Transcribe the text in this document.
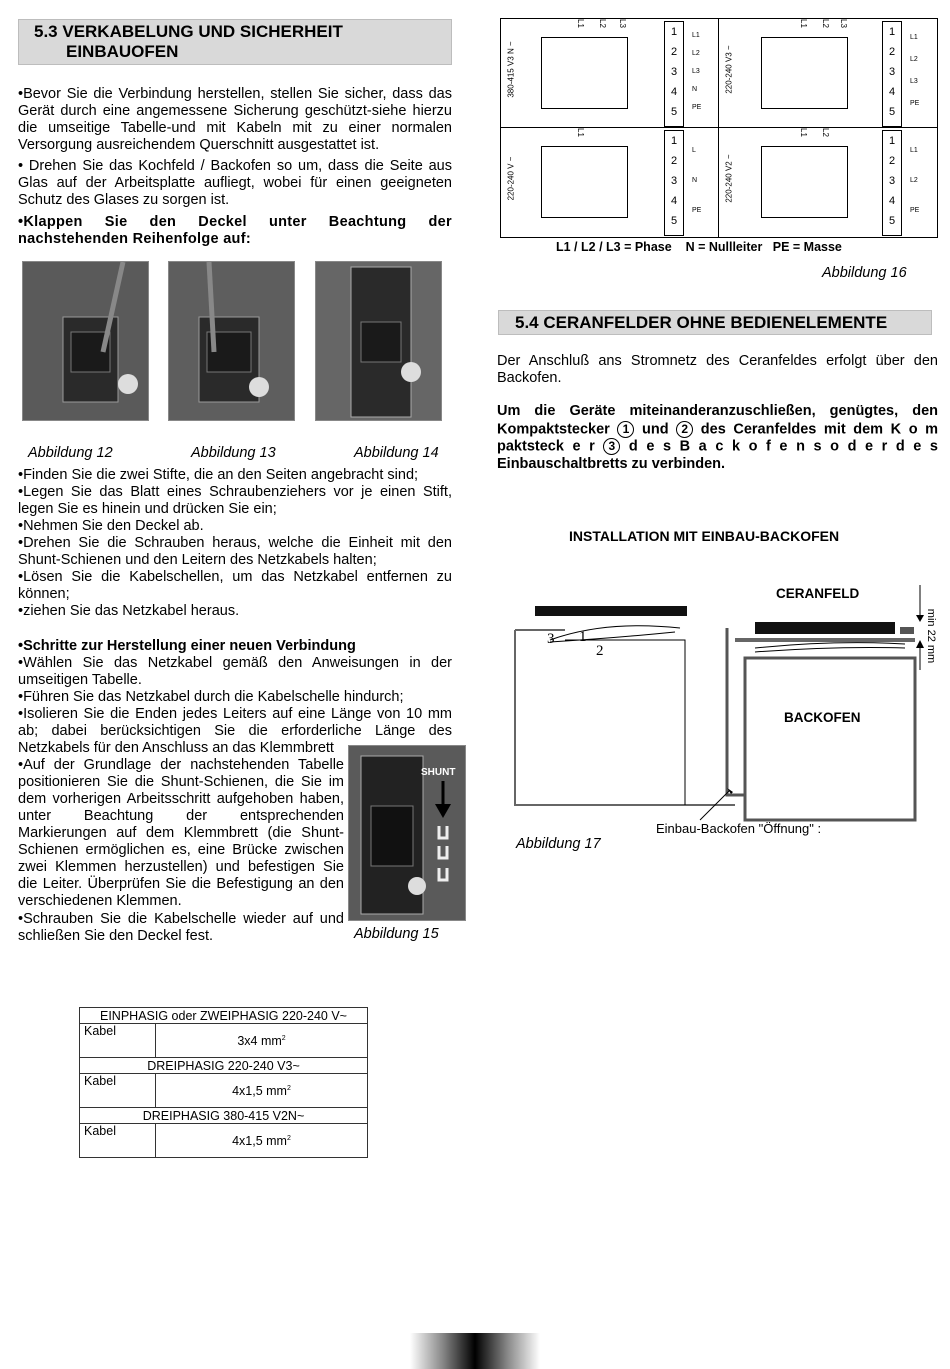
5.3 VERKABELUNG UND SICHERHEIT
EINBAUOFEN

•Bevor Sie die Verbindung herstellen, stellen Sie sicher, dass das Gerät durch eine angemessene Sicherung geschützt-siehe hierzu die umseitige Tabelle-und mit Kabeln mit zu einer normalen Versorgung ausreichendem Querschnitt ausgestattet ist.

• Drehen Sie das Kochfeld / Backofen so um, dass die Seite aus Glas auf der Arbeitsplatte aufliegt, wobei für einen geeigneten Schutz des Glases zu sorgen ist.

•Klappen Sie den Deckel unter Beachtung der nachstehenden Reihenfolge auf:

Abbildung 12	Abbildung 13	Abbildung 14

•Finden Sie die zwei Stifte, die an den Seiten angebracht sind;

•Legen Sie das Blatt eines Schraubenziehers vor je einen Stift, legen Sie es hinein und drücken Sie ein;

•Nehmen Sie den Deckel ab.

•Drehen Sie die Schrauben heraus, welche die Einheit mit den Shunt-Schienen und den Leitern des Netzkabels halten;

•Lösen Sie die Kabelschellen, um das Netzkabel entfernen zu können;

•ziehen Sie das Netzkabel heraus.

•Schritte zur Herstellung einer neuen Verbindung

•Wählen Sie das Netzkabel gemäß den Anweisungen in der umseitigen Tabelle.

•Führen Sie das Netzkabel durch die Kabelschelle hindurch;

•Isolieren Sie die Enden jedes Leiters auf eine Länge von 10 mm ab; dabei berücksichtigen Sie die erforderliche Länge des Netzkabels für den Anschluss an das Klemmbrett

•Auf der Grundlage der nachstehenden Tabelle positionieren Sie die Shunt-Schienen, die Sie im dem vorherigen Arbeitsschritt aufgehoben haben, unter Beachtung der entsprechenden Markierungen auf dem Klemmbrett (die Shunt-Schienen ermöglichen es, eine Brücke zwischen zwei Klemmen herzustellen) und befestigen Sie die Leiter. Überprüfen Sie die Befestigung an den verschiedenen Klemmen.

•Schrauben Sie die Kabelschelle wieder auf und schließen Sie den Deckel fest.

SHUNT
Abbildung 15
EINPHASIG oder ZWEIPHASIG 220-240 V~	
Kabel	3x4 $mm^2$
DREIPHASIG 220-240 V3~	
Kabel	4x1,5 $mm^2$
DREIPHASIG 380-415 V2N~	
Kabel	4x1,5 $mm^2$
380-415 V3 N ~
L1 L2 L3
1
2
3
4
5
L1
L2
L3
N
PE
220-240 V3 ~
L1 L2 L3
1
2
3
4
5
L1
L2
L3
PE
220-240 V ~
L1
1
2
3
4
5
L
N
PE
220-240 V2 ~
L1 L2
1
2
3
4
5
L1
L2
PE
L1 / L2 / L3 = Phase    N = Nullleiter   PE = Masse
Abbildung 16
5.4 CERANFELDER OHNE BEDIENELEMENTE

Der Anschluß ans Stromnetz des Ceranfeldes erfolgt über den Backofen.

Um die Geräte miteinanderanzuschließen, genügtes, den Kompaktstecker 1 und 2 des Ceranfeldes mit dem K o m paktsteck e r 3 d e s B a c k o f e n s o d e r d e s Einbauschaltbretts zu verbinden.
INSTALLATION MIT EINBAU-BACKOFEN
CERANFELD
BACKOFEN
min 22 mm
Einbau-Backofen "Öffnung" :
1
2
3
Abbildung 17
